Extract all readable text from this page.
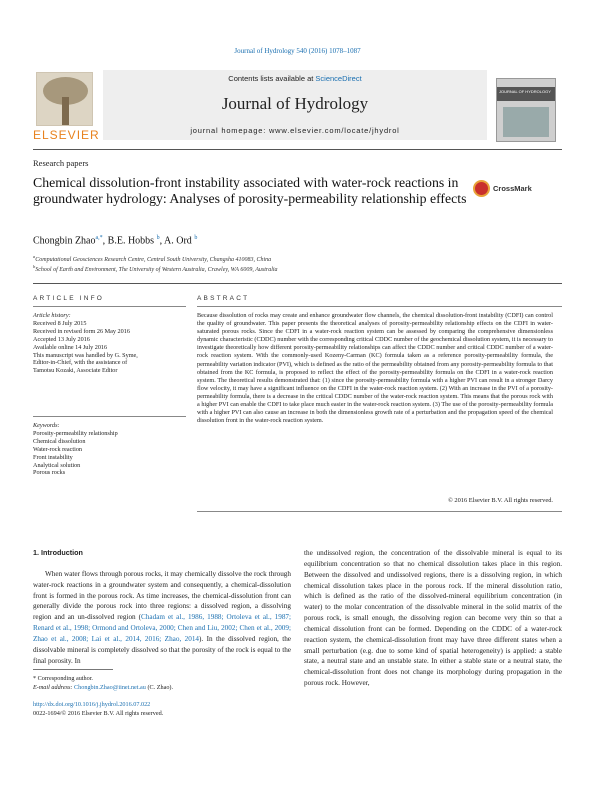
Journal of Hydrology 540 (2016) 1078–1087
ELSEVIER
Contents lists available at ScienceDirect
Journal of Hydrology
journal homepage: www.elsevier.com/locate/jhydrol
JOURNAL OF HYDROLOGY
Research papers
Chemical dissolution-front instability associated with water-rock reactions in groundwater hydrology: Analyses of porosity-permeability relationship effects
CrossMark
Chongbin Zhao$^{a,*}$, B.E. Hobbs $^b$, A. Ord $^b$
$^a$Computational Geosciences Research Centre, Central South University, Changsha 410083, China
$^b$School of Earth and Environment, The University of Western Australia, Crawley, WA 6009, Australia
ARTICLE INFO	ABSTRACT
Article history:
Received 8 July 2015
Received in revised form 26 May 2016
Accepted 13 July 2016
Available online 14 July 2016
This manuscript was handled by G. Syme,
Editor-in-Chief, with the assistance of
Tamotsu Kozaki, Associate Editor
Keywords:
Porosity-permeability relationship
Chemical dissolution
Water-rock reaction
Front instability
Analytical solution
Porous rocks
Because dissolution of rocks may create and enhance groundwater flow channels, the chemical dissolution-front instability (CDFI) can control the quality of groundwater. This paper presents the theoretical analyses of porosity-permeability relationship effects on the CDFI in water-saturated porous rocks. Since the CDFI in a water-rock reaction system can be assessed by comparing the comprehensive dimensionless dynamic characteristic (CDDC) number with the corresponding critical CDDC number of the geochemical dissolution system, it is necessary to investigate theoretically how different porosity-permeability relationships can affect the CDDC number and critical CDDC number of a water-rock reaction system. With the commonly-used Kozeny-Carman (KC) formula taken as a reference porosity-permeability formula, the permeability variation indicator (PVI), which is defined as the ratio of the permeability obtained from any porosity-permeability formula to that obtained from the KC formula, is proposed to reflect the effect of the porosity-permeability formula on the CDFI in a water-rock reaction system. The theoretical results demonstrated that: (1) since the porosity-permeability formula with a higher PVI can result in a stronger Darcy flow velocity, it may have a significant influence on the CDFI in the water-rock reaction system. (2) With an increase in the PVI of a porosity-permeability formula, there is a decrease in the critical CDDC number of the water-rock reaction system. This means that the porous rock with a higher PVI can enable the CDFI to take place much easier in the water-rock reaction system. (3) The use of the porosity-permeability formula with a higher PVI can also cause an increase in both the dimensionless growth rate of a perturbation and the propagation speed of the chemical dissolution front in the water-rock reaction system.
© 2016 Elsevier B.V. All rights reserved.
1. Introduction

When water flows through porous rocks, it may chemically dissolve the rock through water-rock reactions in a groundwater system and consequently, a chemical-dissolution front is formed in the porous rock. As time increases, the chemical-dissolution front can generally divide the porous rock into three regions: a dissolved region, a dissolving region and an un-dissolved region (Chadam et al., 1986, 1988; Ortoleva et al., 1987; Renard et al., 1998; Ormond and Ortoleva, 2000; Chen and Liu, 2002; Chen et al., 2009; Zhao et al., 2008; Lai et al., 2014, 2016; Zhao, 2014). In the dissolved region, the dissolvable mineral is completely dissolved so that the porosity of the rock is equal to the final porosity. In

the undissolved region, the concentration of the dissolvable mineral is equal to its equilibrium concentration so that no chemical dissolution takes place in this region. Between the dissolved and undissolved regions, there is a dissolving region, in which chemical dissolution takes place in the porous rock. If the mineral dissolution ratio, which is defined as the ratio of the dissolved-mineral equilibrium concentration (in water) to the molar concentration of the dissolvable mineral in the solid matrix of the porous rock, is small enough, the dissolving region can become very thin so that a chemical dissolution front can be formed. Depending on the CDDC of a water-rock reaction system, the chemical-dissolution front may have three different states when a small perturbation (e.g. due to some kind of spatial heterogeneity) is applied: a stable state, a neutral state and an unstable state. In either a stable state or a neutral state, the chemical-dissolution front does not change its morphology during propagation in the porous rock. However,

* Corresponding author.
E-mail address: Chongbin.Zhao@iinet.net.au (C. Zhao).
http://dx.doi.org/10.1016/j.jhydrol.2016.07.022
0022-1694/© 2016 Elsevier B.V. All rights reserved.
